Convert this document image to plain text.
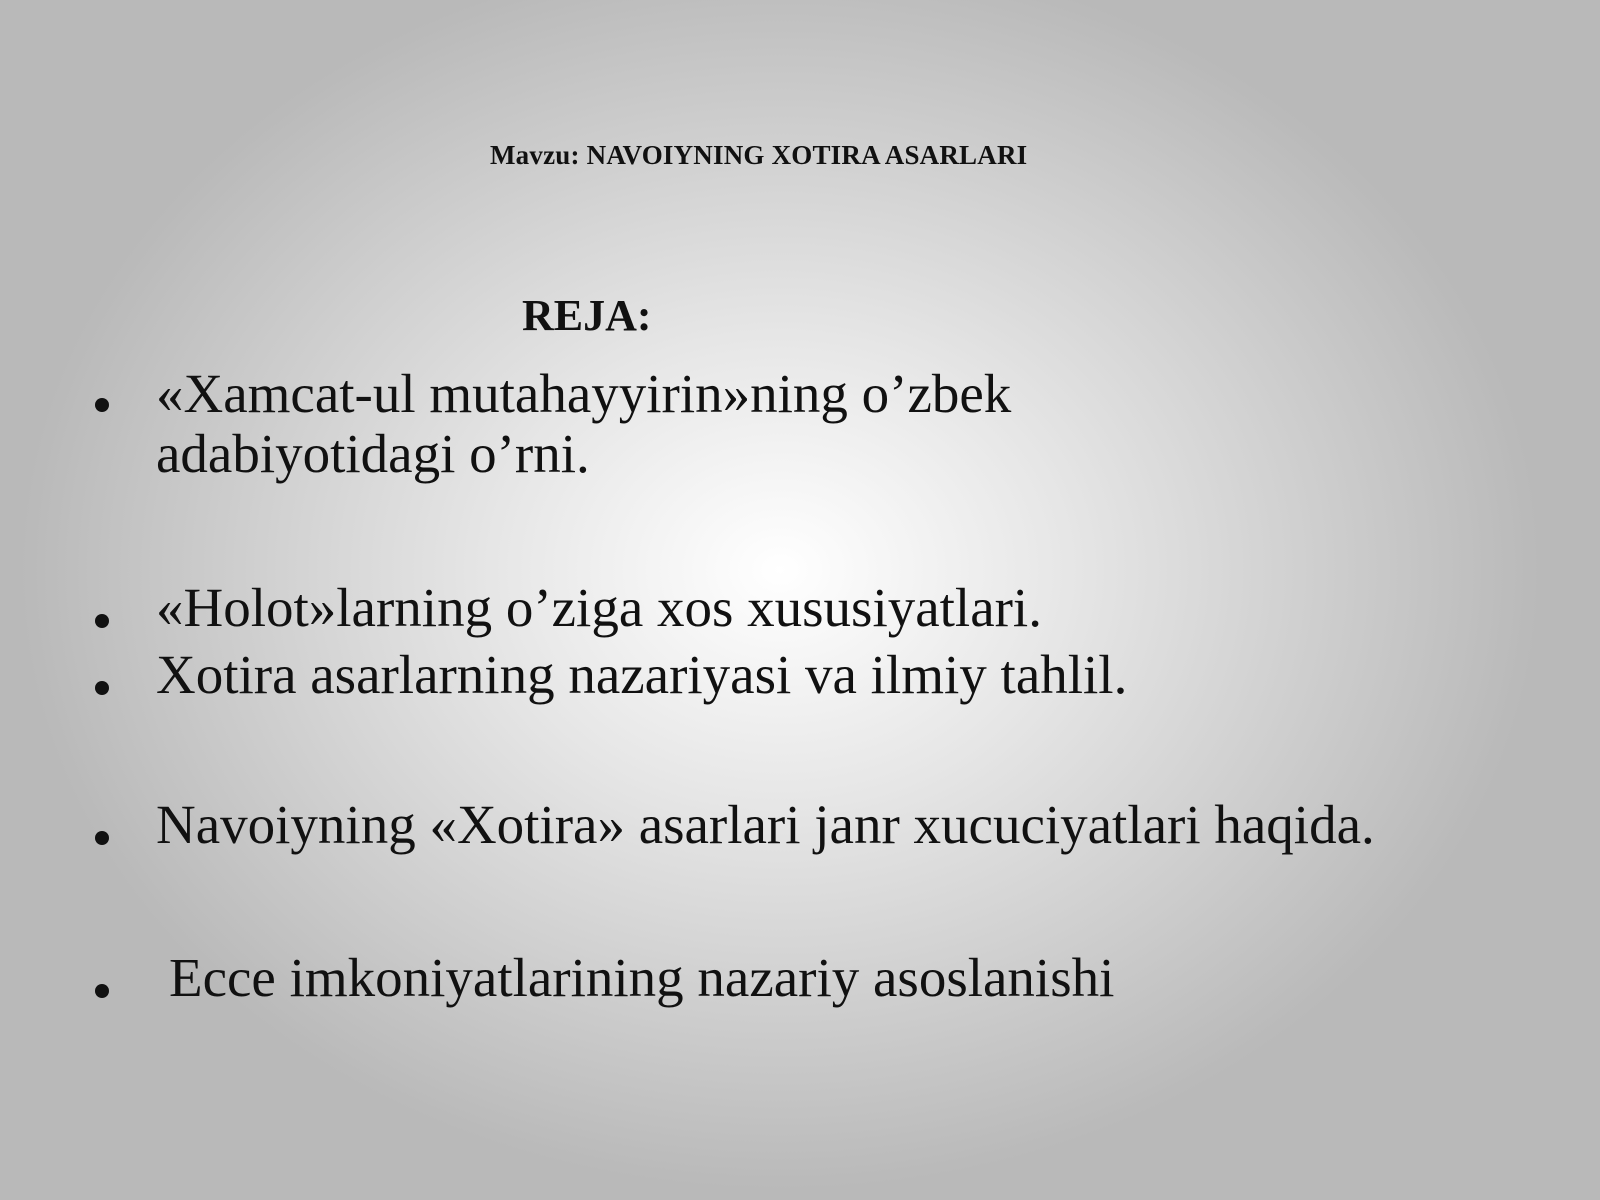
Mavzu: NAVOIYNING XOTIRA ASARLARI
REJA:
«Xamcat-ul mutahayyirin»ning o’zbek
adabiyotidagi o’rni.
«Holot»larning o’ziga xos xususiyatlari.
Xotira asarlarning nazariyasi va ilmiy tahlil.
Navoiyning «Xotira» asarlari janr xucuciyatlari haqida.
Ecce imkoniyatlarining nazariy asoslanishi
